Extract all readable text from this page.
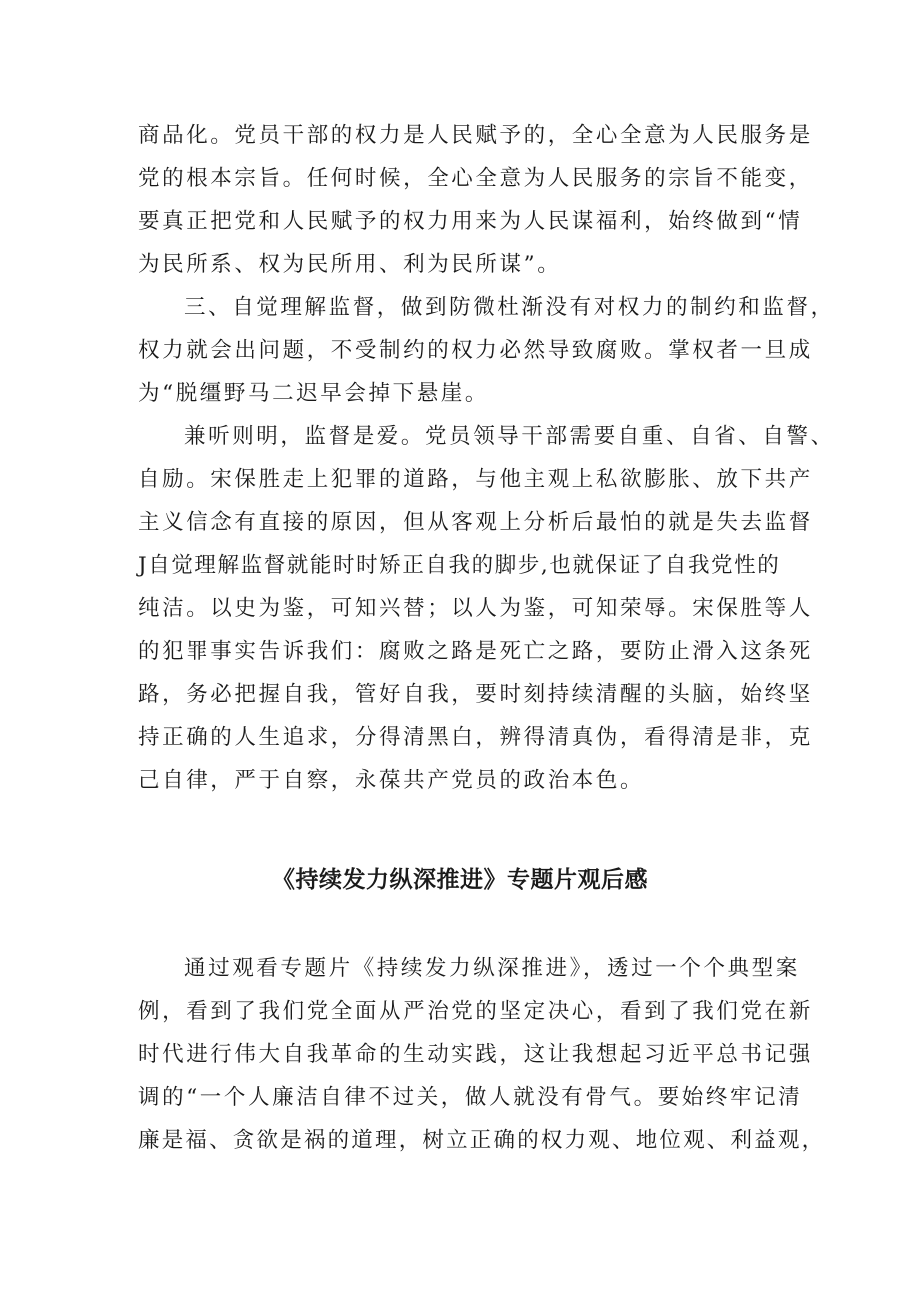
商品化。党员干部的权力是人民赋予的，全心全意为人民服务是
党的根本宗旨。任何时候，全心全意为人民服务的宗旨不能变，
要真正把党和人民赋予的权力用来为人民谋福利，始终做到“情
为民所系、权为民所用、利为民所谋”。
三、自觉理解监督，做到防微杜渐没有对权力的制约和监督，
权力就会出问题，不受制约的权力必然导致腐败。掌权者一旦成
为“脱缰野马二迟早会掉下悬崖。
兼听则明，监督是爱。党员领导干部需要自重、自省、自警、
自励。宋保胜走上犯罪的道路，与他主观上私欲膨胀、放下共产
主义信念有直接的原因，但从客观上分析后最怕的就是失去监督
J自觉理解监督就能时时矫正自我的脚步,也就保证了自我党性的
纯洁。以史为鉴，可知兴替；以人为鉴，可知荣辱。宋保胜等人
的犯罪事实告诉我们：腐败之路是死亡之路，要防止滑入这条死
路，务必把握自我，管好自我，要时刻持续清醒的头脑，始终坚
持正确的人生追求，分得清黑白，辨得清真伪，看得清是非，克
己自律，严于自察，永葆共产党员的政治本色。
《持续发力纵深推进》专题片观后感
通过观看专题片《持续发力纵深推进》，透过一个个典型案
例，看到了我们党全面从严治党的坚定决心，看到了我们党在新
时代进行伟大自我革命的生动实践，这让我想起习近平总书记强
调的“一个人廉洁自律不过关，做人就没有骨气。要始终牢记清
廉是福、贪欲是祸的道理，树立正确的权力观、地位观、利益观，
